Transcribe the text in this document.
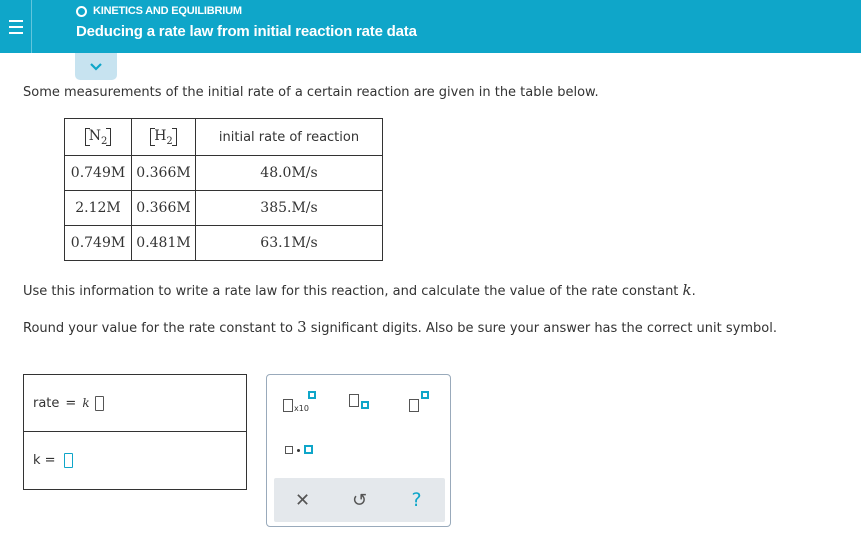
KINETICS AND EQUILIBRIUM
Deducing a rate law from initial reaction rate data
Some measurements of the initial rate of a certain reaction are given in the table below.
$N_2$	$H_2$	initial rate of reaction
0.749M	0.366M	48.0M/s
2.12M	0.366M	385.M/s
0.749M	0.481M	63.1M/s
Use this information to write a rate law for this reaction, and calculate the value of the rate constant k.
Round your value for the rate constant to 3 significant digits. Also be sure your answer has the correct unit symbol.
rate = k
k =
x10
✕	↺	?
